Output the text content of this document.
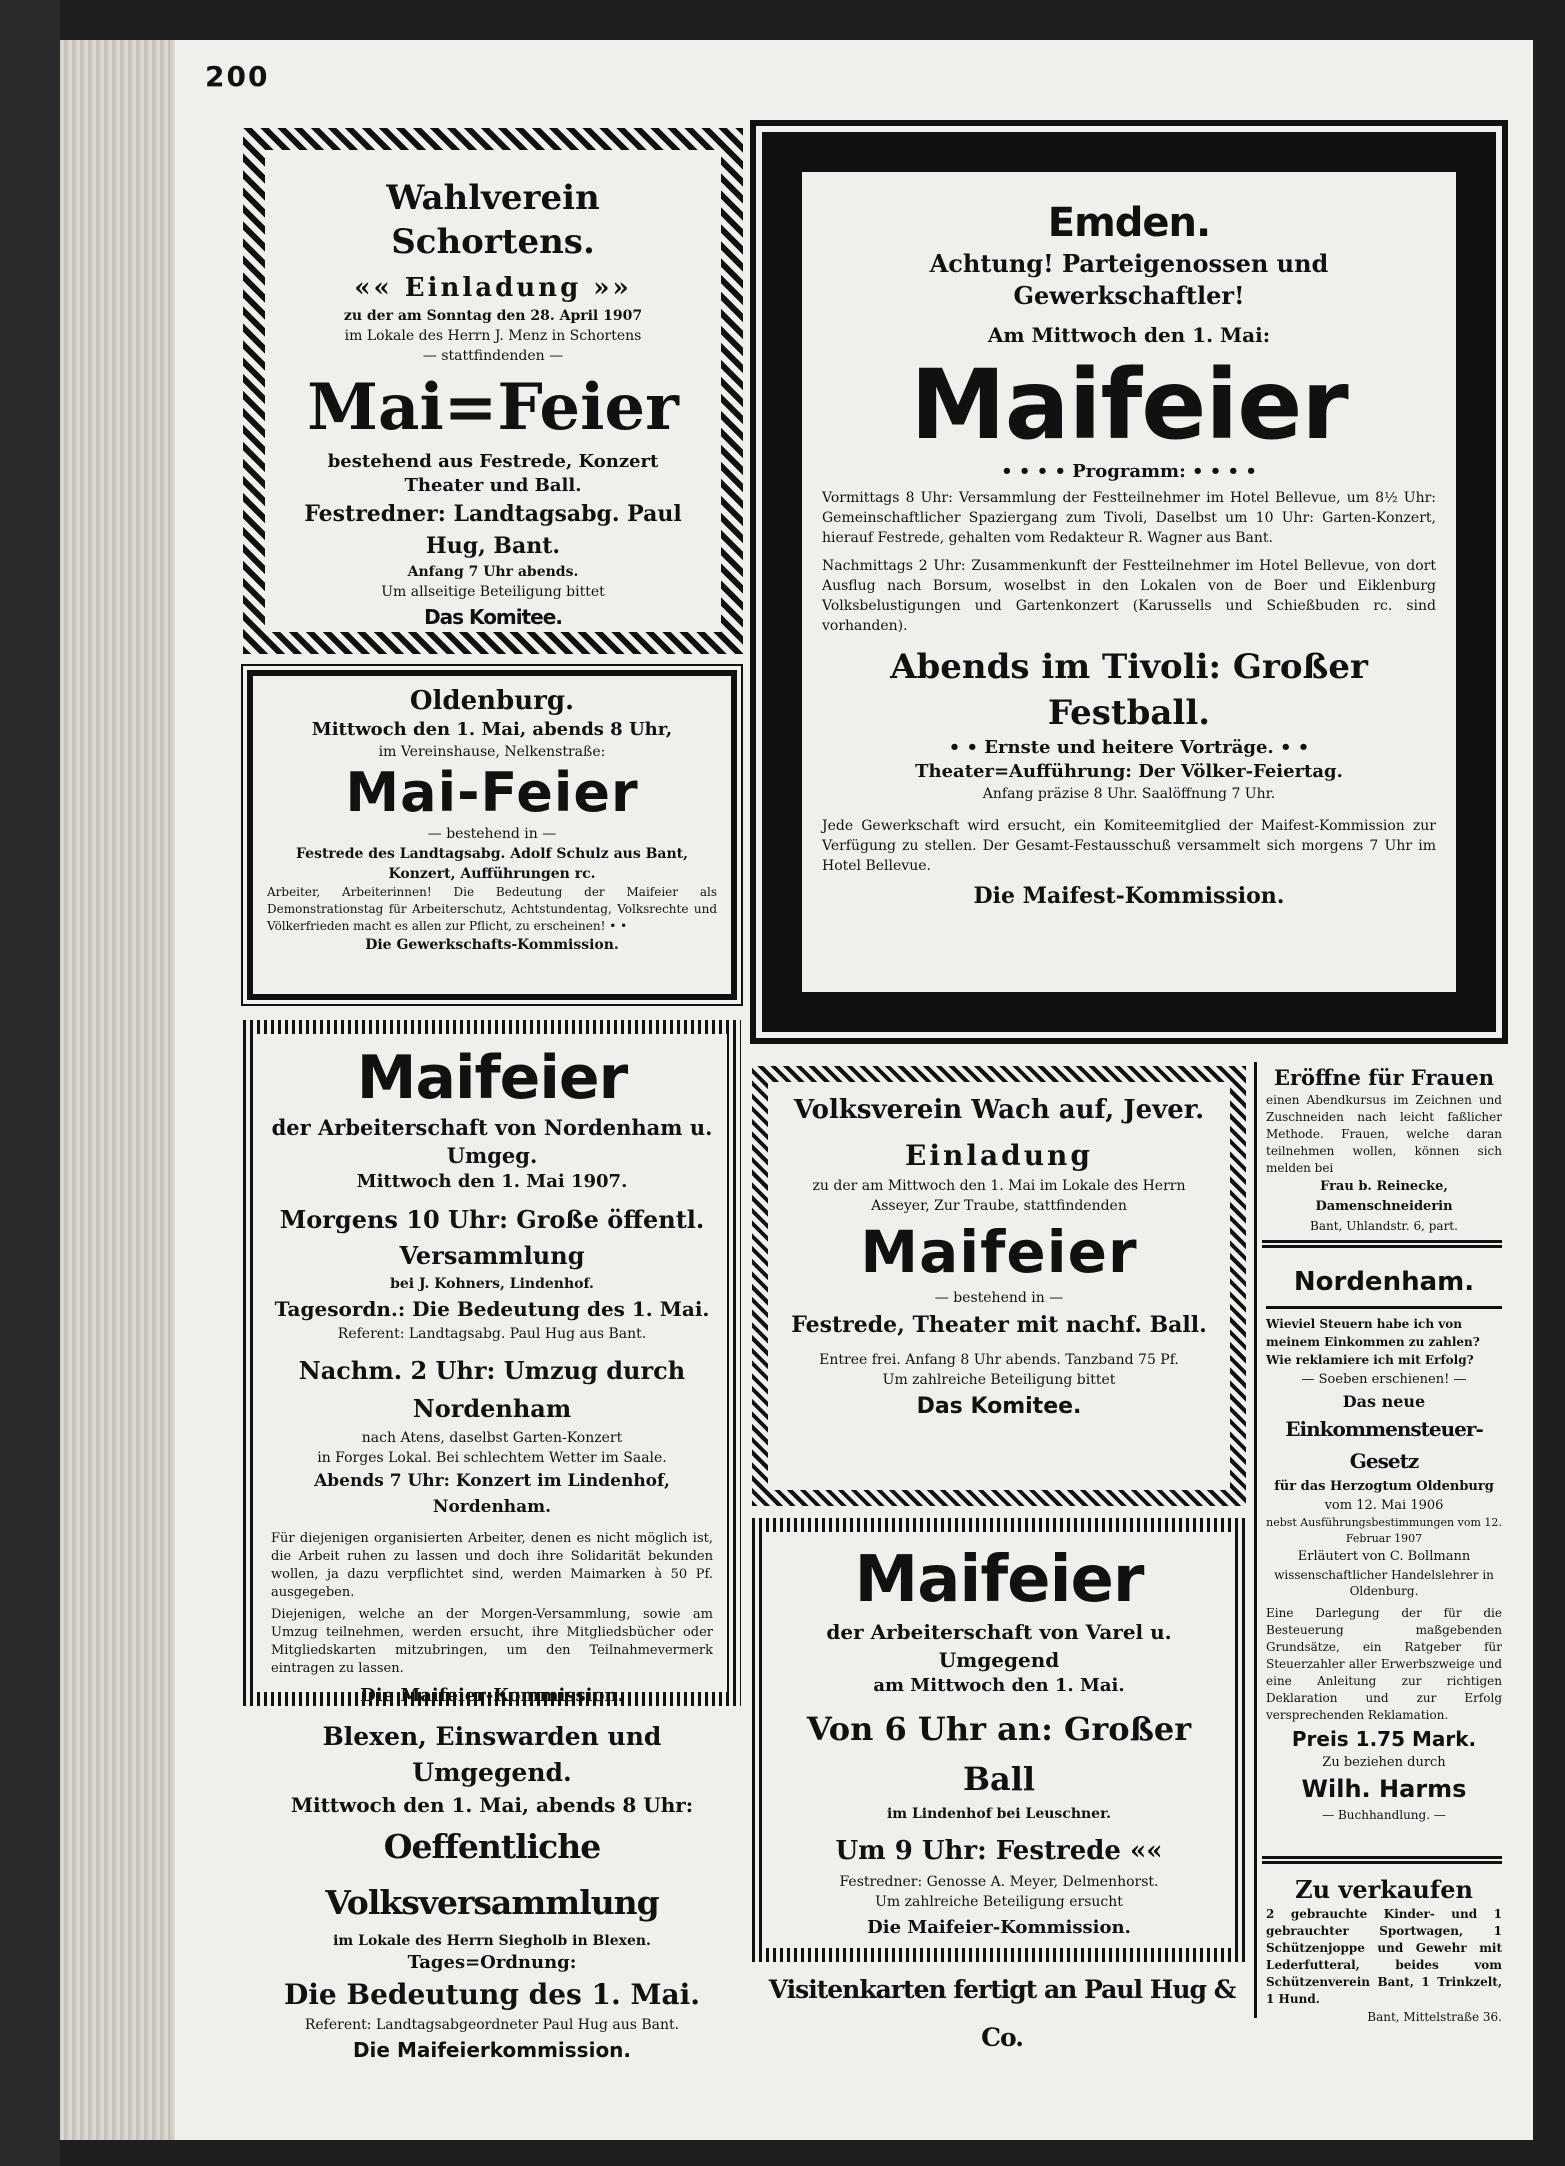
200
Wahlverein Schortens.
«« Einladung »»
zu der am Sonntag den 28. April 1907
im Lokale des Herrn J. Menz in Schortens
— stattfindenden —
Mai=Feier
bestehend aus Festrede, Konzert
Theater und Ball.
Festredner: Landtagsabg. Paul Hug, Bant.
Anfang 7 Uhr abends.
Um allseitige Beteiligung bittet
Das Komitee.
Oldenburg.
Mittwoch den 1. Mai, abends 8 Uhr,
im Vereinshause, Nelkenstraße:
Mai-Feier
— bestehend in —
Festrede des Landtagsabg. Adolf Schulz aus Bant,
Konzert, Aufführungen rc.
Arbeiter, Arbeiterinnen! Die Bedeutung der Maifeier als Demonstrationstag für Arbeiterschutz, Achtstundentag, Volksrechte und Völkerfrieden macht es allen zur Pflicht, zu erscheinen! • •
Die Gewerkschafts-Kommission.
Emden.
Achtung! Parteigenossen und Gewerkschaftler!
Am Mittwoch den 1. Mai:
Maifeier
• • • • Programm: • • • •
Vormittags 8 Uhr: Versammlung der Festteilnehmer im Hotel Bellevue, um 8½ Uhr: Gemeinschaftlicher Spaziergang zum Tivoli, Daselbst um 10 Uhr: Garten-Konzert, hierauf Festrede, gehalten vom Redakteur R. Wagner aus Bant.
Nachmittags 2 Uhr: Zusammenkunft der Festteilnehmer im Hotel Bellevue, von dort Ausflug nach Borsum, woselbst in den Lokalen von de Boer und Eiklenburg Volksbelustigungen und Gartenkonzert (Karussells und Schießbuden rc. sind vorhanden).
Abends im Tivoli: Großer Festball.
• • Ernste und heitere Vorträge. • •
Theater=Aufführung: Der Völker-Feiertag.
Anfang präzise 8 Uhr. Saalöffnung 7 Uhr.
Jede Gewerkschaft wird ersucht, ein Komiteemitglied der Maifest-Kommission zur Verfügung zu stellen. Der Gesamt-Festausschuß versammelt sich morgens 7 Uhr im Hotel Bellevue.
Die Maifest-Kommission.
Maifeier
der Arbeiterschaft von Nordenham u. Umgeg.
Mittwoch den 1. Mai 1907.
Morgens 10 Uhr: Große öffentl. Versammlung
bei J. Kohners, Lindenhof.
Tagesordn.: Die Bedeutung des 1. Mai.
Referent: Landtagsabg. Paul Hug aus Bant.
Nachm. 2 Uhr: Umzug durch Nordenham
nach Atens, daselbst Garten-Konzert
in Forges Lokal. Bei schlechtem Wetter im Saale.
Abends 7 Uhr: Konzert im Lindenhof, Nordenham.
Für diejenigen organisierten Arbeiter, denen es nicht möglich ist, die Arbeit ruhen zu lassen und doch ihre Solidarität bekunden wollen, ja dazu verpflichtet sind, werden Maimarken à 50 Pf. ausgegeben.
Diejenigen, welche an der Morgen-Versammlung, sowie am Umzug teilnehmen, werden ersucht, ihre Mitgliedsbücher oder Mitgliedskarten mitzubringen, um den Teilnahmevermerk eintragen zu lassen.
Die Maifeier-Kommission.
Blexen, Einswarden und Umgegend.
Mittwoch den 1. Mai, abends 8 Uhr:
Oeffentliche Volksversammlung
im Lokale des Herrn Siegholb in Blexen.
Tages=Ordnung:
Die Bedeutung des 1. Mai.
Referent: Landtagsabgeordneter Paul Hug aus Bant.
Die Maifeierkommission.
Volksverein Wach auf, Jever.
Einladung
zu der am Mittwoch den 1. Mai im Lokale des Herrn
Asseyer, Zur Traube, stattfindenden
Maifeier
— bestehend in —
Festrede, Theater mit nachf. Ball.
Entree frei. Anfang 8 Uhr abends. Tanzband 75 Pf.
Um zahlreiche Beteiligung bittet
Das Komitee.
Maifeier
der Arbeiterschaft von Varel u. Umgegend
am Mittwoch den 1. Mai.
Von 6 Uhr an: Großer Ball
im Lindenhof bei Leuschner.
Um 9 Uhr: Festrede ««
Festredner: Genosse A. Meyer, Delmenhorst.
Um zahlreiche Beteiligung ersucht
Die Maifeier-Kommission.
Visitenkarten fertigt an Paul Hug & Co.
Eröffne für Frauen
einen Abendkursus im Zeichnen und Zuschneiden nach leicht faßlicher Methode. Frauen, welche daran teilnehmen wollen, können sich melden bei
Frau b. Reinecke, Damenschneiderin
Bant, Uhlandstr. 6, part.
Nordenham.
Wieviel Steuern habe ich von meinem Einkommen zu zahlen?
Wie reklamiere ich mit Erfolg?
— Soeben erschienen! —
Das neue
Einkommensteuer-Gesetz
für das Herzogtum Oldenburg
vom 12. Mai 1906
nebst Ausführungsbestimmungen vom 12. Februar 1907
Erläutert von C. Bollmann
wissenschaftlicher Handelslehrer in Oldenburg.
Eine Darlegung der für die Besteuerung maßgebenden Grundsätze, ein Ratgeber für Steuerzahler aller Erwerbszweige und eine Anleitung zur richtigen Deklaration und zur Erfolg versprechenden Reklamation.
Preis 1.75 Mark.
Zu beziehen durch
Wilh. Harms
— Buchhandlung. —
Zu verkaufen
2 gebrauchte Kinder- und 1 gebrauchter Sportwagen, 1 Schützenjoppe und Gewehr mit Lederfutteral, beides vom Schützenverein Bant, 1 Trinkzelt, 1 Hund.
Bant, Mittelstraße 36.
